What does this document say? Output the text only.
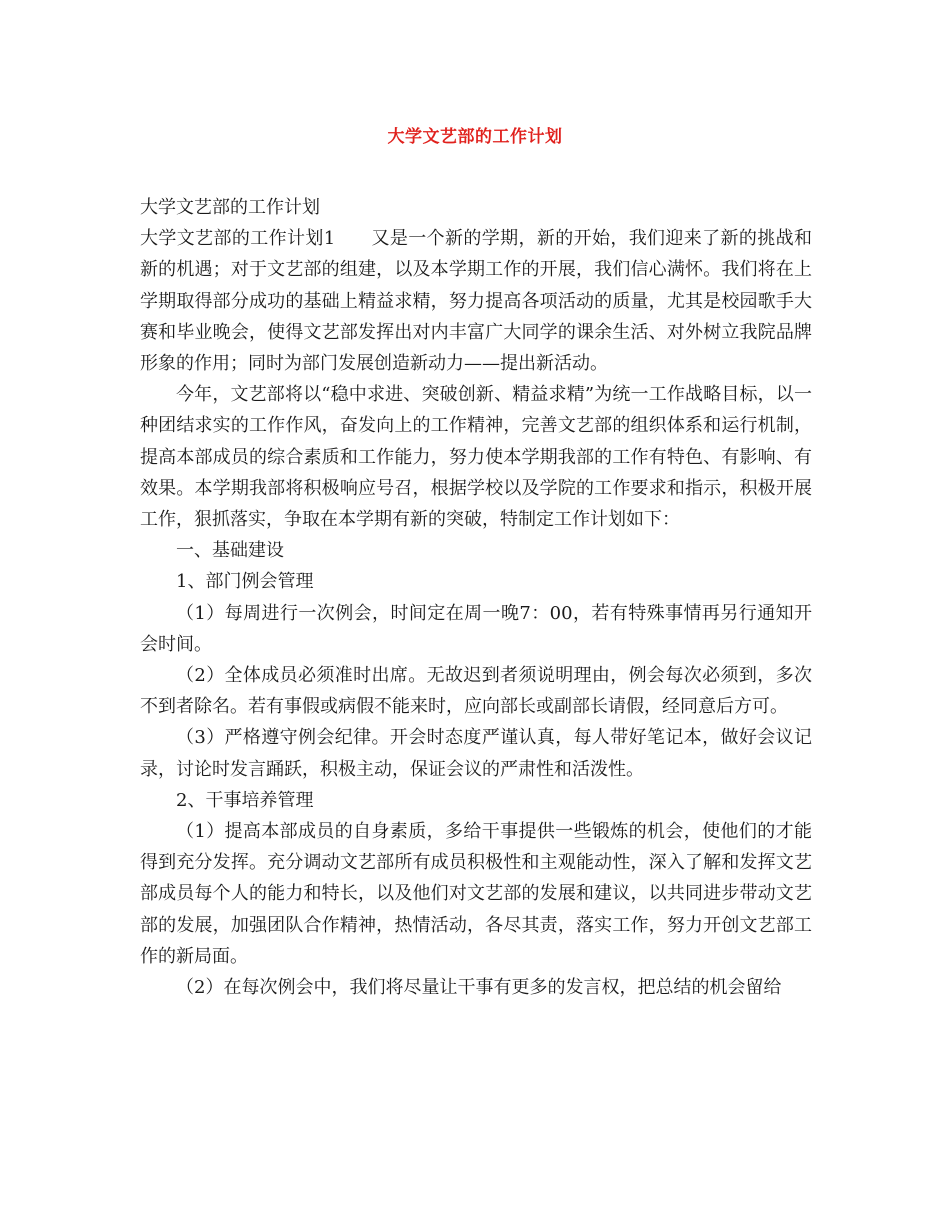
大学文艺部的工作计划

大学文艺部的工作计划

大学文艺部的工作计划1 又是一个新的学期，新的开始，我们迎来了新的挑战和新的机遇；对于文艺部的组建，以及本学期工作的开展，我们信心满怀。我们将在上学期取得部分成功的基础上精益求精，努力提高各项活动的质量，尤其是校园歌手大赛和毕业晚会，使得文艺部发挥出对内丰富广大同学的课余生活、对外树立我院品牌形象的作用；同时为部门发展创造新动力——提出新活动。

今年，文艺部将以“稳中求进、突破创新、精益求精”为统一工作战略目标，以一种团结求实的工作作风，奋发向上的工作精神，完善文艺部的组织体系和运行机制，提高本部成员的综合素质和工作能力，努力使本学期我部的工作有特色、有影响、有效果。本学期我部将积极响应号召，根据学校以及学院的工作要求和指示，积极开展工作，狠抓落实，争取在本学期有新的突破，特制定工作计划如下：

一、基础建设

1、部门例会管理

（1）每周进行一次例会，时间定在周一晚7：00，若有特殊事情再另行通知开会时间。

（2）全体成员必须准时出席。无故迟到者须说明理由，例会每次必须到，多次不到者除名。若有事假或病假不能来时，应向部长或副部长请假，经同意后方可。

（3）严格遵守例会纪律。开会时态度严谨认真，每人带好笔记本，做好会议记录，讨论时发言踊跃，积极主动，保证会议的严肃性和活泼性。

2、干事培养管理

（1）提高本部成员的自身素质，多给干事提供一些锻炼的机会，使他们的才能得到充分发挥。充分调动文艺部所有成员积极性和主观能动性，深入了解和发挥文艺部成员每个人的能力和特长，以及他们对文艺部的发展和建议，以共同进步带动文艺部的发展，加强团队合作精神，热情活动，各尽其责，落实工作，努力开创文艺部工作的新局面。

（2）在每次例会中，我们将尽量让干事有更多的发言权，把总结的机会留给
